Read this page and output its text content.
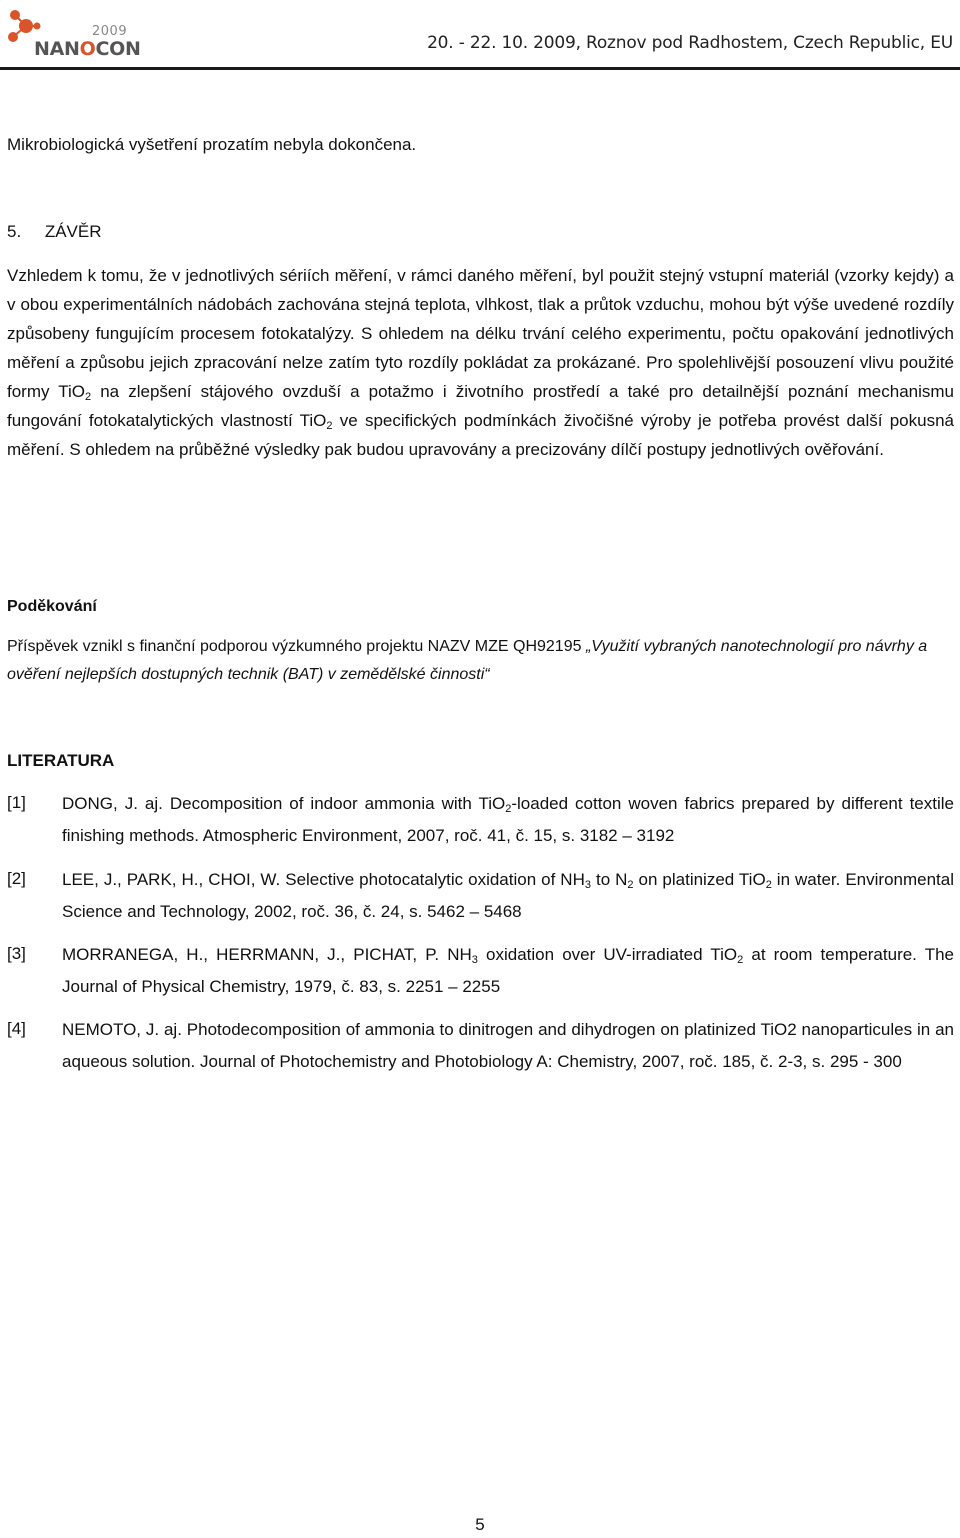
2009
NANOCON	20. - 22. 10. 2009, Roznov pod Radhostem, Czech Republic, EU

Mikrobiologická vyšetření prozatím nebyla dokončena.

5. ZÁVĚR

Vzhledem k tomu, že v jednotlivých sériích měření, v rámci daného měření, byl použit stejný vstupní materiál (vzorky kejdy) a v obou experimentálních nádobách zachována stejná teplota, vlhkost, tlak a průtok vzduchu, mohou být výše uvedené rozdíly způsobeny fungujícím procesem fotokatalýzy. S ohledem na délku trvání celého experimentu, počtu opakování jednotlivých měření a způsobu jejich zpracování nelze zatím tyto rozdíly pokládat za prokázané. Pro spolehlivější posouzení vlivu použité formy TiO$_2$ na zlepšení stájového ovzduší a potažmo i životního prostředí a také pro detailnější poznání mechanismu fungování fotokatalytických vlastností TiO$_2$ ve specifických podmínkách živočišné výroby je potřeba provést další pokusná měření. S ohledem na průběžné výsledky pak budou upravovány a precizovány dílčí postupy jednotlivých ověřování.

Poděkování

Příspěvek vznikl s finanční podporou výzkumného projektu NAZV MZE QH92195 „Využití vybraných nanotechnologií pro návrhy a ověření nejlepších dostupných technik (BAT) v zemědělské činnosti“

LITERATURA

[1] DONG, J. aj. Decomposition of indoor ammonia with TiO$_2$-loaded cotton woven fabrics prepared by different textile finishing methods. Atmospheric Environment, 2007, roč. 41, č. 15, s. 3182 – 3192
[2] LEE, J., PARK, H., CHOI, W. Selective photocatalytic oxidation of $NH_3$ to $N_2$ on platinized TiO$_2$ in water. Environmental Science and Technology, 2002, roč. 36, č. 24, s. 5462 – 5468
[3] MORRANEGA, H., HERRMANN, J., PICHAT, P. $NH_3$ oxidation over UV-irradiated TiO$_2$ at room temperature. The Journal of Physical Chemistry, 1979, č. 83, s. 2251 – 2255
[4] NEMOTO, J. aj. Photodecomposition of ammonia to dinitrogen and dihydrogen on platinized TiO2 nanoparticules in an aqueous solution. Journal of Photochemistry and Photobiology A: Chemistry, 2007, roč. 185, č. 2-3, s. 295 - 300
5
